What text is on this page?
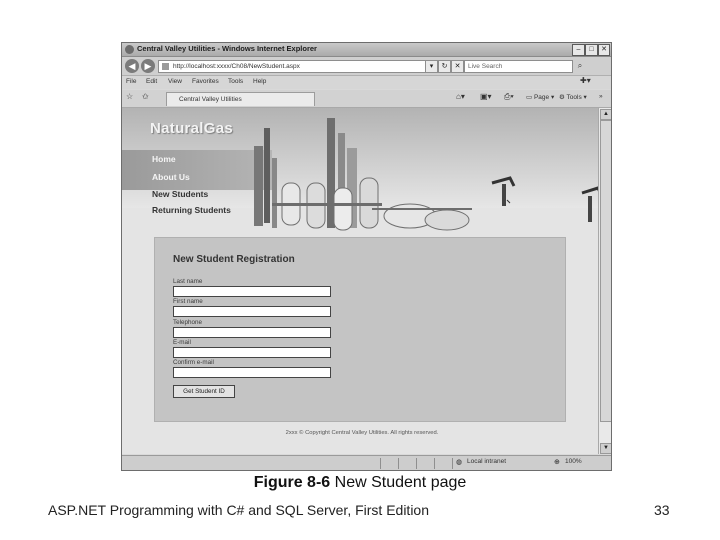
Central Valley Utilities - Windows Internet Explorer	–	□	✕
◀	▶	http://localhost:xxxx/Ch08/NewStudent.aspx	▾	↻	✕	Live Search	⌕
File Edit View Favorites Tools Help	✚▾
☆ ✩	Central Valley Utilities	⌂▾ ▣▾ ⎙▾ ▭ Page ▾ ⚙ Tools ▾ »
NaturalGas
Home
About Us
New Students
Returning Students
New Student Registration
Last name
First name
Telephone
E-mail
Confirm e-mail
Get Student ID
2xxx © Copyright Central Valley Utilities. All rights reserved.
▲
▼
◍ Local intranet	⊕ 100%
Figure 8-6 New Student page
ASP.NET Programming with C# and SQL Server, First Edition	33
